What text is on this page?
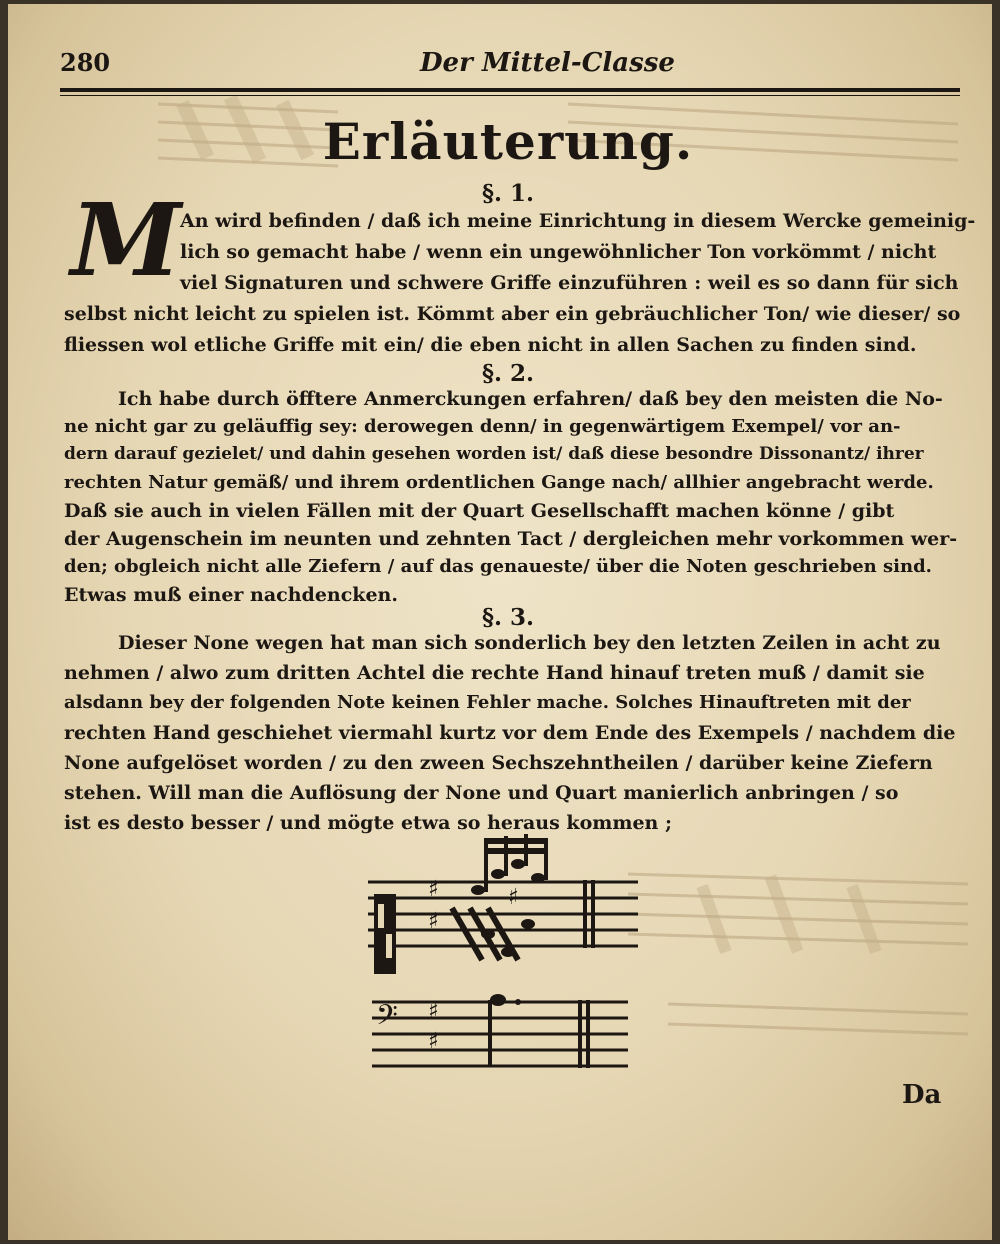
280	Der Mittel-Classe
Erläuterung.
§. 1.
M
An wird befinden / daß ich meine Einrichtung in diesem Wercke gemeinig-
lich so gemacht habe / wenn ein ungewöhnlicher Ton vorkömmt / nicht
viel Signaturen und schwere Griffe einzuführen : weil es so dann für sich
selbst nicht leicht zu spielen ist. Kömmt aber ein gebräuchlicher Ton/ wie dieser/ so
fliessen wol etliche Griffe mit ein/ die eben nicht in allen Sachen zu finden sind.
§. 2.
Ich habe durch öfftere Anmerckungen erfahren/ daß bey den meisten die No-
ne nicht gar zu geläuffig sey: derowegen denn/ in gegenwärtigem Exempel/ vor an-
dern darauf gezielet/ und dahin gesehen worden ist/ daß diese besondre Dissonantz/ ihrer
rechten Natur gemäß/ und ihrem ordentlichen Gange nach/ allhier angebracht werde.
Daß sie auch in vielen Fällen mit der Quart Gesellschafft machen könne / gibt
der Augenschein im neunten und zehnten Tact / dergleichen mehr vorkommen wer-
den; obgleich nicht alle Ziefern / auf das genaueste/ über die Noten geschrieben sind.
Etwas muß einer nachdencken.
§. 3.
Dieser None wegen hat man sich sonderlich bey den letzten Zeilen in acht zu
nehmen / alwo zum dritten Achtel die rechte Hand hinauf treten muß / damit sie
alsdann bey der folgenden Note keinen Fehler mache. Solches Hinauftreten mit der
rechten Hand geschiehet viermahl kurtz vor dem Ende des Exempels / nachdem die
None aufgelöset worden / zu den zween Sechszehntheilen / darüber keine Ziefern
stehen. Will man die Auflösung der None und Quart manierlich anbringen / so
ist es desto besser / und mögte etwa so heraus kommen ;
♯
♯
♯
𝄢 ♯
♯
Da
